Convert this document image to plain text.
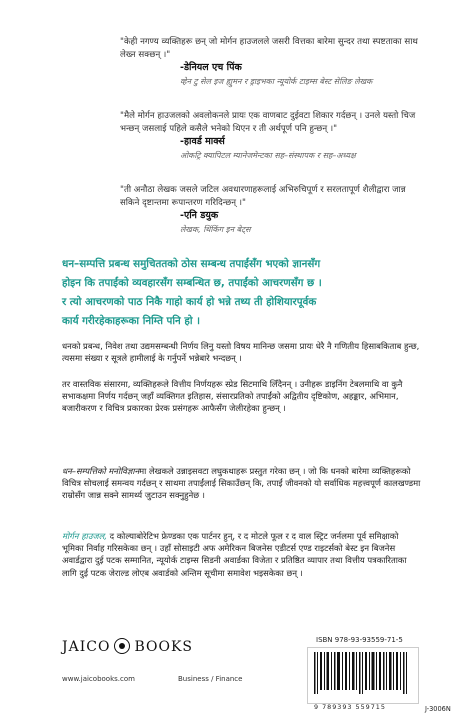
"केही नगण्य व्यक्तिहरू छन् जो मोर्गन हाउजलले जसरी वित्तका बारेमा सुन्दर तथा स्पष्टताका साथ लेख्न सक्छन् ।"

-डेनियल एच पिंक
व्हेन टु सेल इज ह्युमन र ड्राइभका न्यूयोर्क टाइम्स बेस्ट सेलिङ लेखक

"मैले मोर्गन हाउजलको अवलोकनले प्रायः एक वाणबाट दुईवटा शिकार गर्दछन् । उनले यस्तो चिज भन्छन् जसलाई पहिले कसैले भनेको थिएन र ती अर्थपूर्ण पनि हुन्छन् ।"

-हावर्ड मार्क्स
ओकट्रि क्यापिटल म्यानेजमेन्टका सह–संस्थापक र सह–अध्यक्ष

"ती अनौठा लेखक जसले जटिल अवधारणाहरूलाई अभिरुचिपूर्ण र सरलतापूर्ण शैलीद्वारा जान्न सकिने दृष्टान्तमा रूपान्तरण गरिदिन्छन् ।"

-एनि डयुक
लेखक, थिंकिंग इन बेट्स

धन–सम्पत्ति प्रबन्ध समुचिततको ठोस सम्बन्ध तपाईंसँग भएको ज्ञानसँग

होइन कि तपाईंको व्यवहारसँग सम्बन्धित छ, तपाईंको आचरणसँग छ ।

र त्यो आचरणको पाठ निकै गाहो कार्य हो भन्ने तथ्य ती होशियारपूर्वक

कार्य गरीरहेकाहरूका निम्ति पनि हो ।

धनको प्रबन्ध, निवेश तथा उद्यमसम्बन्धी निर्णय लिनु यस्तो विषय मानिन्छ जसमा प्रायः धेरै नै गणितीय हिसाबकिताब हुन्छ, त्यसमा संख्या र सूत्रले हामीलाई के गर्नुपर्ने भन्नेबारे भन्दछन् ।

तर वास्तविक संसारमा, व्यक्तिहरूले वित्तीय निर्णयहरू स्प्रेड सिटमाथि लिँदैनन् । उनीहरू डाइनिंग टेबलमाथि वा कुनै सभाकक्षमा निर्णय गर्दछन् जहाँ व्यक्तिगत इतिहास, संसारप्रतिको तपाईंको अद्वितीय दृष्टिकोण, अहङ्कार, अभिमान, बजारीकरण र विचित्र प्रकारका प्रेरक प्रसंगहरू आफैसँग जेलीरहेका हुन्छन् ।

धन–सम्पत्तिको मनोविज्ञानमा लेखकले उन्नाइसवटा लघुकथाहरू प्रस्तुत गरेका छन् । जो कि धनको बारेमा व्यक्तिहरूको विचित्र सोचलाई समन्वय गर्दछन् र साथमा तपाईंलाई सिकाउँछन् कि, तपाईं जीवनको यो सर्वाधिक महत्त्वपूर्ण कालखण्डमा राम्रोसँग जान्न सक्ने सामर्थ्य जुटाउन सक्नुहुनेछ ।

मोर्गन हाउजल, द कोल्याबोरेटिभ फ्रेण्डका एक पार्टनर हुन्, र द मोटले फूल र द वाल स्ट्रिट जर्नलमा पूर्व समिक्षाको भूमिका निर्वाह गरिसकेका छन् । उहाँ सोसाइटी अफ अमेरिकन बिजनेस एडीटर्स एण्ड राइटर्सको बेस्ट इन बिजनेस अवार्डद्वारा दुई पटक सम्मानित, न्यूयोर्क टाइम्स सिडनी अवार्डका विजेता र प्रतिष्ठित व्यापार तथा वित्तीय पत्रकारिताका लागि दुई पटक जेराल्ड लोएब अवार्डको अन्तिम सूचीमा समावेश भइसकेका छन् ।

JAICO BOOKS
www.jaicobooks.com	Business / Finance
ISBN 978-93-93559-71-5
9 789393 559715	J-3006N
